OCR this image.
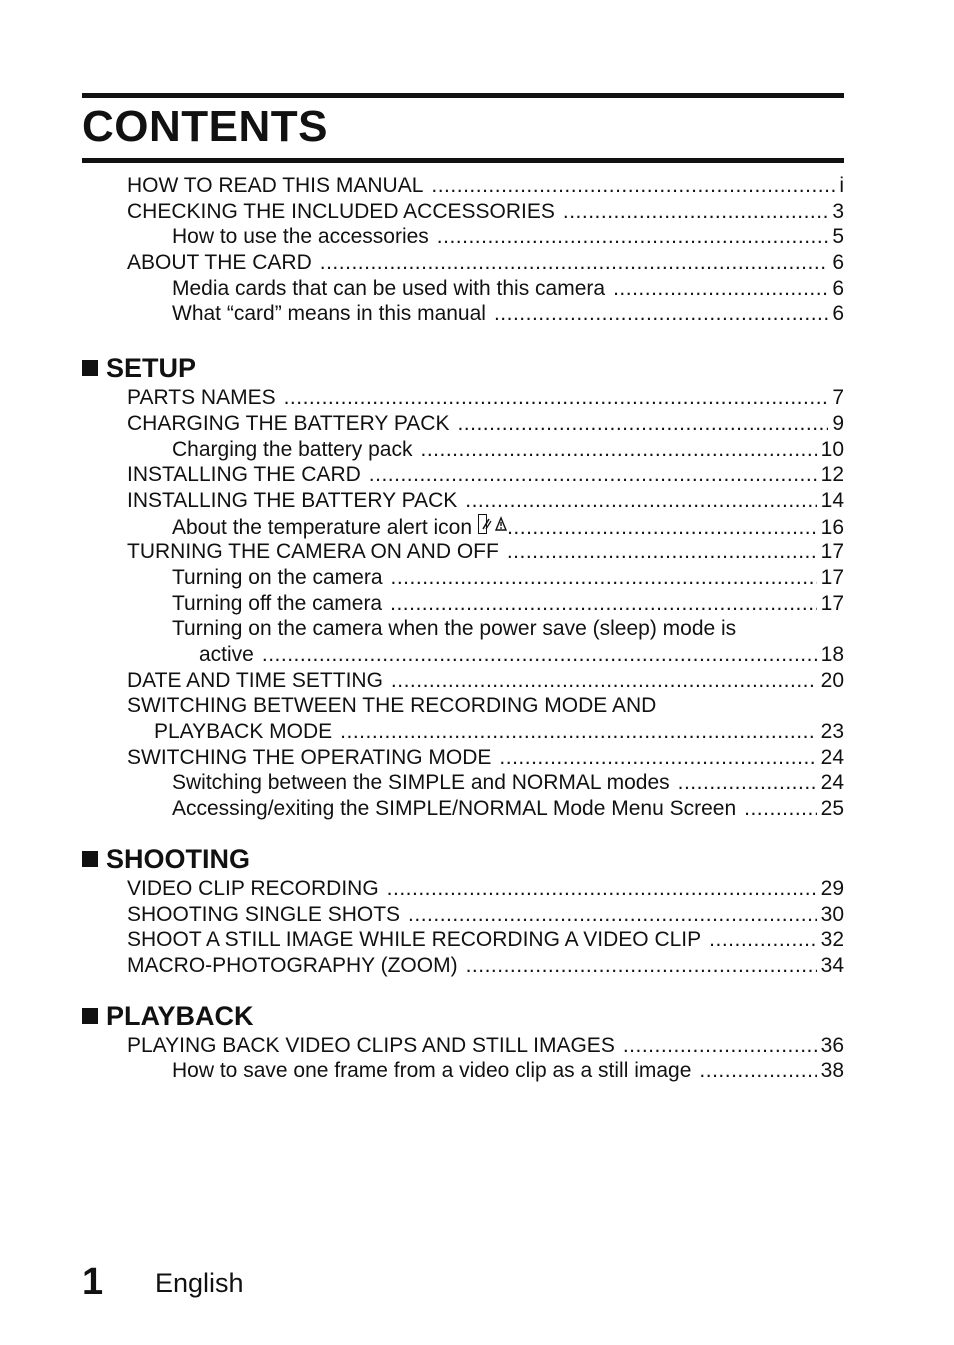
CONTENTS
HOW TO READ THIS MANUAL .....	i
CHECKING THE INCLUDED ACCESSORIES .....	3
How to use the accessories .....	5
ABOUT THE CARD .....	6
Media cards that can be used with this camera .....	6
What “card” means in this manual .....	6
SETUP
PARTS NAMES .....	7
CHARGING THE BATTERY PACK .....	9
Charging the battery pack .....	10
INSTALLING THE CARD .....	12
INSTALLING THE BATTERY PACK .....	14
About the temperature alert icon .....	16
TURNING THE CAMERA ON AND OFF .....	17
Turning on the camera .....	17
Turning off the camera .....	17
Turning on the camera when the power save (sleep) mode is
active .....	18
DATE AND TIME SETTING .....	20
SWITCHING BETWEEN THE RECORDING MODE AND
PLAYBACK MODE .....	23
SWITCHING THE OPERATING MODE .....	24
Switching between the SIMPLE and NORMAL modes .....	24
Accessing/exiting the SIMPLE/NORMAL Mode Menu Screen .....	25
SHOOTING
VIDEO CLIP RECORDING .....	29
SHOOTING SINGLE SHOTS .....	30
SHOOT A STILL IMAGE WHILE RECORDING A VIDEO CLIP .....	32
MACRO-PHOTOGRAPHY (ZOOM) .....	34
PLAYBACK
PLAYING BACK VIDEO CLIPS AND STILL IMAGES .....	36
How to save one frame from a video clip as a still image .....	38
1 English
